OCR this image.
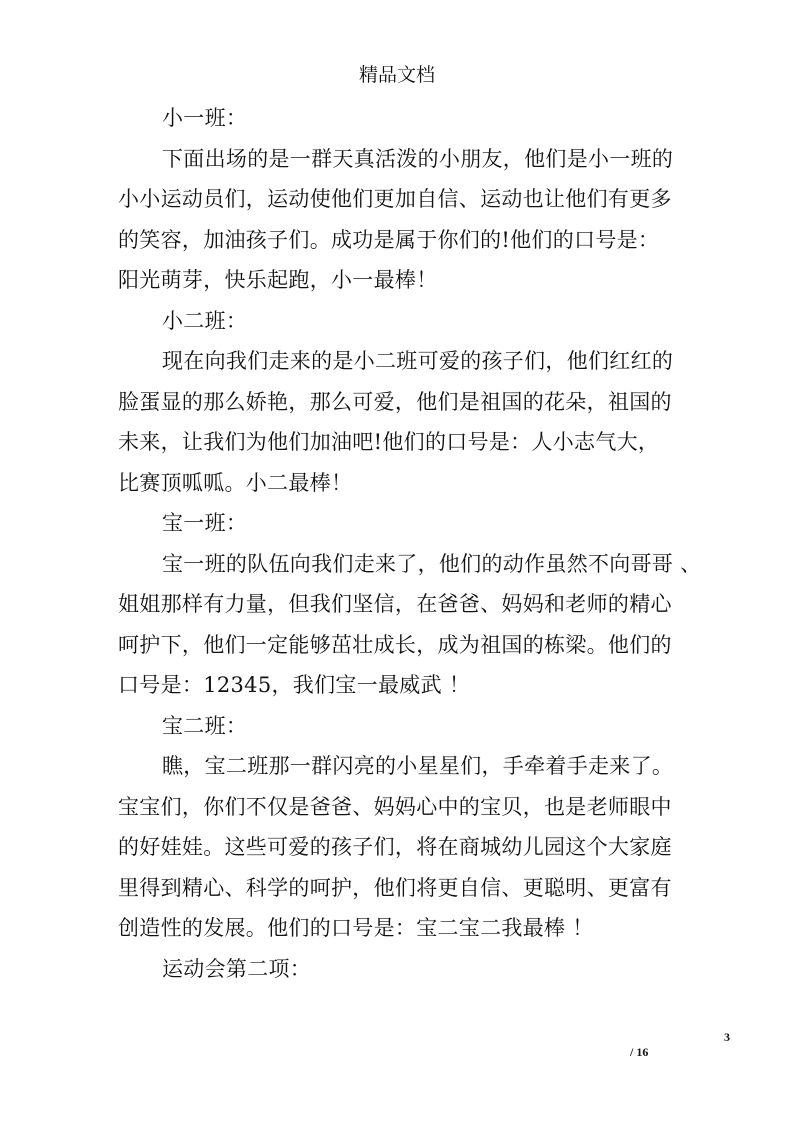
精品文档
小一班：
下面出场的是一群天真活泼的小朋友，他们是小一班的
小小运动员们，运动使他们更加自信、运动也让他们有更多
的笑容，加油孩子们。成功是属于你们的!他们的口号是：
阳光萌芽，快乐起跑，小一最棒！
小二班：
现在向我们走来的是小二班可爱的孩子们，他们红红的
脸蛋显的那么娇艳，那么可爱，他们是祖国的花朵，祖国的
未来，让我们为他们加油吧!他们的口号是：人小志气大，
比赛顶呱呱。小二最棒！
宝一班：
宝一班的队伍向我们走来了，他们的动作虽然不向哥哥 、
姐姐那样有力量，但我们坚信，在爸爸、妈妈和老师的精心
呵护下，他们一定能够茁壮成长，成为祖国的栋梁。他们的
口号是：12345，我们宝一最威武 ！
宝二班：
瞧，宝二班那一群闪亮的小星星们，手牵着手走来了。
宝宝们，你们不仅是爸爸、妈妈心中的宝贝，也是老师眼中
的好娃娃。这些可爱的孩子们，将在商城幼儿园这个大家庭
里得到精心、科学的呵护，他们将更自信、更聪明、更富有
创造性的发展。他们的口号是：宝二宝二我最棒 ！
运动会第二项：
3
/ 16
